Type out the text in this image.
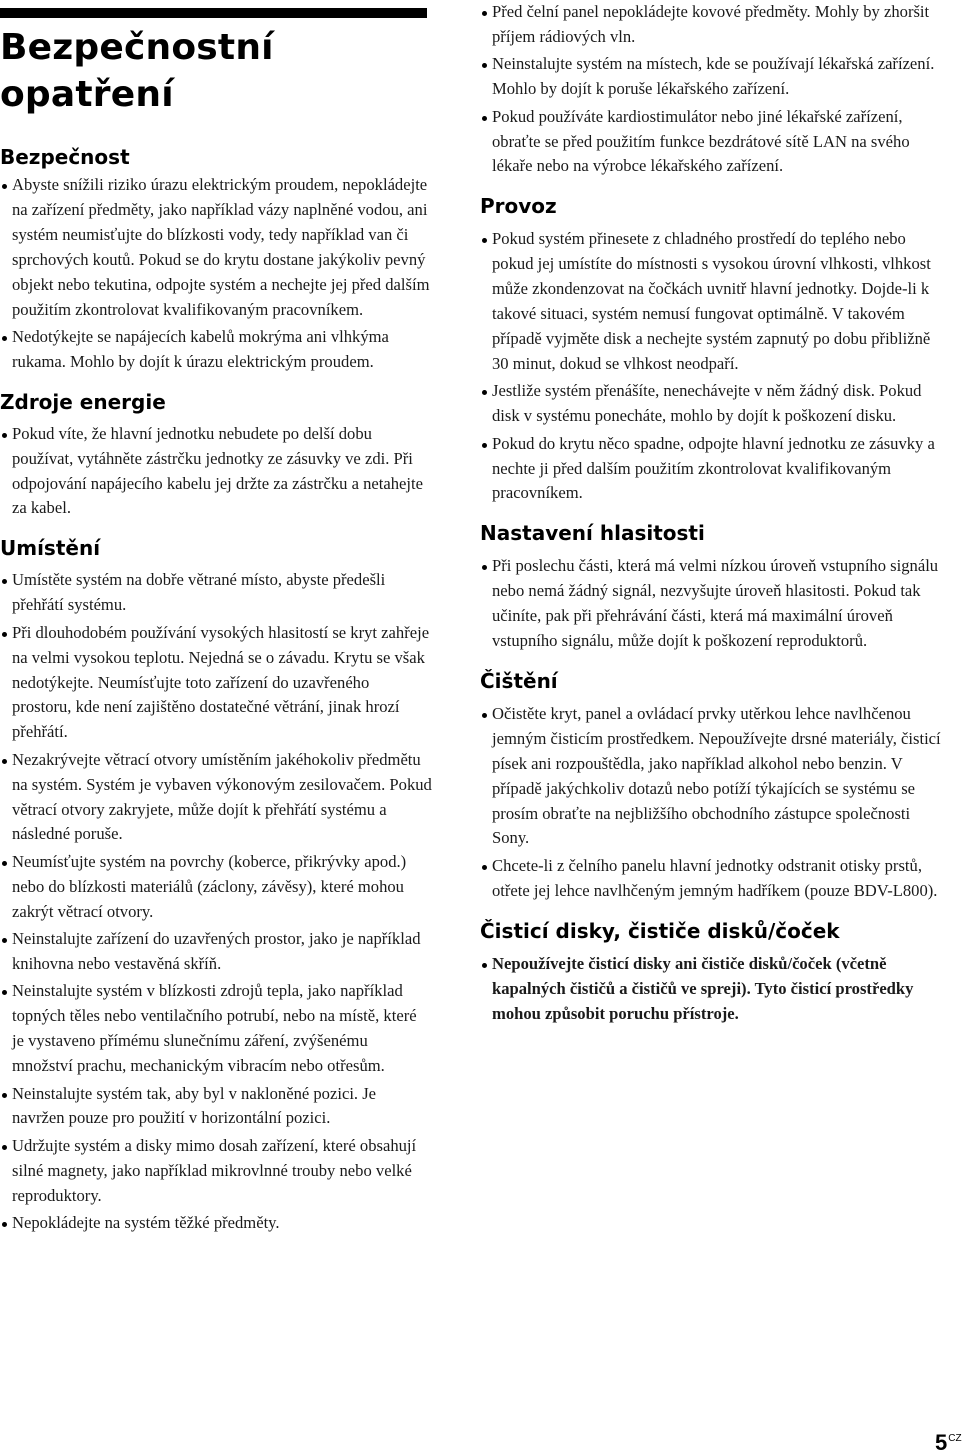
Bezpečnostní
opatření
Bezpečnost
Abyste snížili riziko úrazu elektrickým proudem, nepokládejte na zařízení předměty, jako například vázy naplněné vodou, ani systém neumisťujte do blízkosti vody, tedy například van či sprchových koutů. Pokud se do krytu dostane jakýkoliv pevný objekt nebo tekutina, odpojte systém a nechejte jej před dalším použitím zkontrolovat kvalifikovaným pracovníkem.
Nedotýkejte se napájecích kabelů mokrýma ani vlhkýma rukama. Mohlo by dojít k úrazu elektrickým proudem.
Zdroje energie
Pokud víte, že hlavní jednotku nebudete po delší dobu používat, vytáhněte zástrčku jednotky ze zásuvky ve zdi. Při odpojování napájecího kabelu jej držte za zástrčku a netahejte za kabel.
Umístění
Umístěte systém na dobře větrané místo, abyste předešli přehřátí systému.
Při dlouhodobém používání vysokých hlasitostí se kryt zahřeje na velmi vysokou teplotu. Nejedná se o závadu. Krytu se však nedotýkejte. Neumísťujte toto zařízení do uzavřeného prostoru, kde není zajištěno dostatečné větrání, jinak hrozí přehřátí.
Nezakrývejte větrací otvory umístěním jakéhokoliv předmětu na systém. Systém je vybaven výkonovým zesilovačem. Pokud větrací otvory zakryjete, může dojít k přehřátí systému a následné poruše.
Neumísťujte systém na povrchy (koberce, přikrývky apod.) nebo do blízkosti materiálů (záclony, závěsy), které mohou zakrýt větrací otvory.
Neinstalujte zařízení do uzavřených prostor, jako je například knihovna nebo vestavěná skříň.
Neinstalujte systém v blízkosti zdrojů tepla, jako například topných těles nebo ventilačního potrubí, nebo na místě, které je vystaveno přímému slunečnímu záření, zvýšenému množství prachu, mechanickým vibracím nebo otřesům.
Neinstalujte systém tak, aby byl v nakloněné pozici. Je navržen pouze pro použití v horizontální pozici.
Udržujte systém a disky mimo dosah zařízení, které obsahují silné magnety, jako například mikrovlnné trouby nebo velké reproduktory.
Nepokládejte na systém těžké předměty.
Před čelní panel nepokládejte kovové předměty. Mohly by zhoršit příjem rádiových vln.
Neinstalujte systém na místech, kde se používají lékařská zařízení. Mohlo by dojít k poruše lékařského zařízení.
Pokud používáte kardiostimulátor nebo jiné lékařské zařízení, obraťte se před použitím funkce bezdrátové sítě LAN na svého lékaře nebo na výrobce lékařského zařízení.
Provoz
Pokud systém přinesete z chladného prostředí do teplého nebo pokud jej umístíte do místnosti s vysokou úrovní vlhkosti, vlhkost může zkondenzovat na čočkách uvnitř hlavní jednotky. Dojde-li k takové situaci, systém nemusí fungovat optimálně. V takovém případě vyjměte disk a nechejte systém zapnutý po dobu přibližně 30 minut, dokud se vlhkost neodpaří.
Jestliže systém přenášíte, nenechávejte v něm žádný disk. Pokud disk v systému ponecháte, mohlo by dojít k poškození disku.
Pokud do krytu něco spadne, odpojte hlavní jednotku ze zásuvky a nechte ji před dalším použitím zkontrolovat kvalifikovaným pracovníkem.
Nastavení hlasitosti
Při poslechu části, která má velmi nízkou úroveň vstupního signálu nebo nemá žádný signál, nezvyšujte úroveň hlasitosti. Pokud tak učiníte, pak při přehrávání části, která má maximální úroveň vstupního signálu, může dojít k poškození reproduktorů.
Čištění
Očistěte kryt, panel a ovládací prvky utěrkou lehce navlhčenou jemným čisticím prostředkem. Nepoužívejte drsné materiály, čisticí písek ani rozpouštědla, jako například alkohol nebo benzin. V případě jakýchkoliv dotazů nebo potíží týkajících se systému se prosím obraťte na nejbližšího obchodního zástupce společnosti Sony.
Chcete-li z čelního panelu hlavní jednotky odstranit otisky prstů, otřete jej lehce navlhčeným jemným hadříkem (pouze BDV-L800).
Čisticí disky, čističe disků/čoček
Nepoužívejte čisticí disky ani čističe disků/čoček (včetně kapalných čističů a čističů ve spreji). Tyto čisticí prostředky mohou způsobit poruchu přístroje.
$5^{CZ}$
